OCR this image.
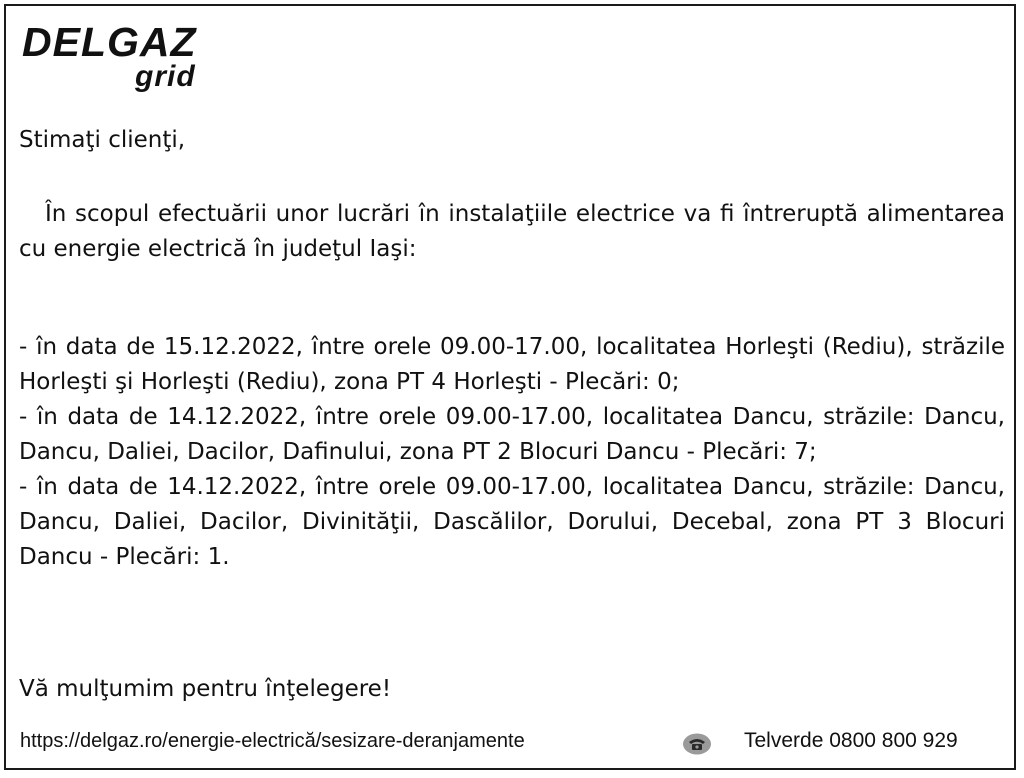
DELGAZ
grid

Stimaţi clienţi,

În scopul efectuării unor lucrări în instalaţiile electrice va fi întreruptă alimentarea cu energie electrică în judeţul Iaşi:

- în data de 15.12.2022, între orele 09.00-17.00, localitatea Horleşti (Rediu), străzile Horleşti şi Horleşti (Rediu), zona PT 4 Horleşti - Plecări: 0;

- în data de 14.12.2022, între orele 09.00-17.00, localitatea Dancu, străzile: Dancu, Dancu, Daliei, Dacilor, Dafinului, zona PT 2 Blocuri Dancu - Plecări: 7;

- în data de 14.12.2022, între orele 09.00-17.00, localitatea Dancu, străzile: Dancu, Dancu, Daliei, Dacilor, Divinităţii, Dascălilor, Dorului, Decebal, zona PT 3 Blocuri Dancu - Plecări: 1.

Vă mulţumim pentru înţelegere!

https://delgaz.ro/energie-electrică/sesizare-deranjamente	Telverde 0800 800 929
